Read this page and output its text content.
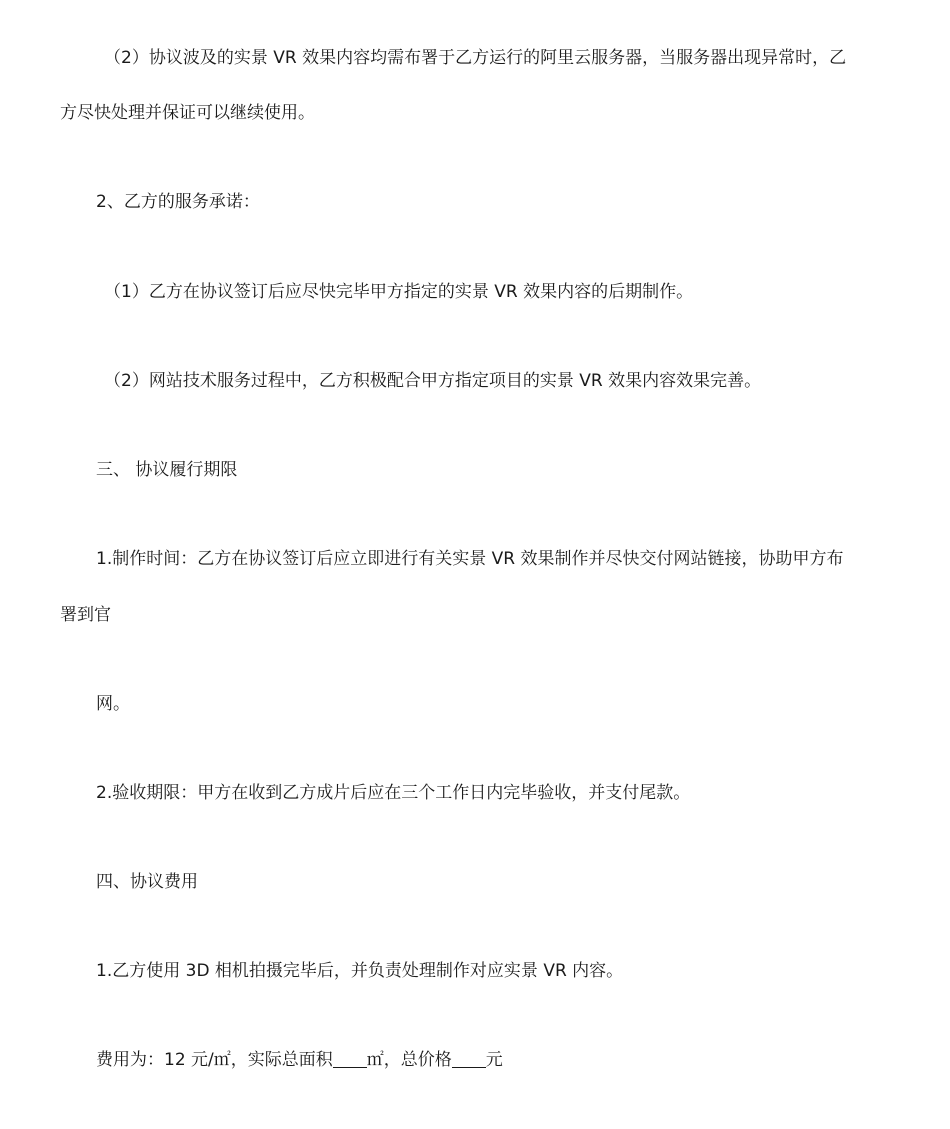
（2）协议波及的实景 VR 效果内容均需布署于乙方运行的阿里云服务器，当服务器出现异常时，乙
方尽快处理并保证可以继续使用。
2、乙方的服务承诺：
（1）乙方在协议签订后应尽快完毕甲方指定的实景 VR 效果内容的后期制作。
（2）网站技术服务过程中，乙方积极配合甲方指定项目的实景 VR 效果内容效果完善。
三、 协议履行期限
1.制作时间：乙方在协议签订后应立即进行有关实景 VR 效果制作并尽快交付网站链接，协助甲方布
署到官
网。
2.验收期限：甲方在收到乙方成片后应在三个工作日内完毕验收，并支付尾款。
四、协议费用
1.乙方使用 3D 相机拍摄完毕后，并负责处理制作对应实景 VR 内容。
费用为：12 元/㎡，实际总面积 ㎡，总价格 元
